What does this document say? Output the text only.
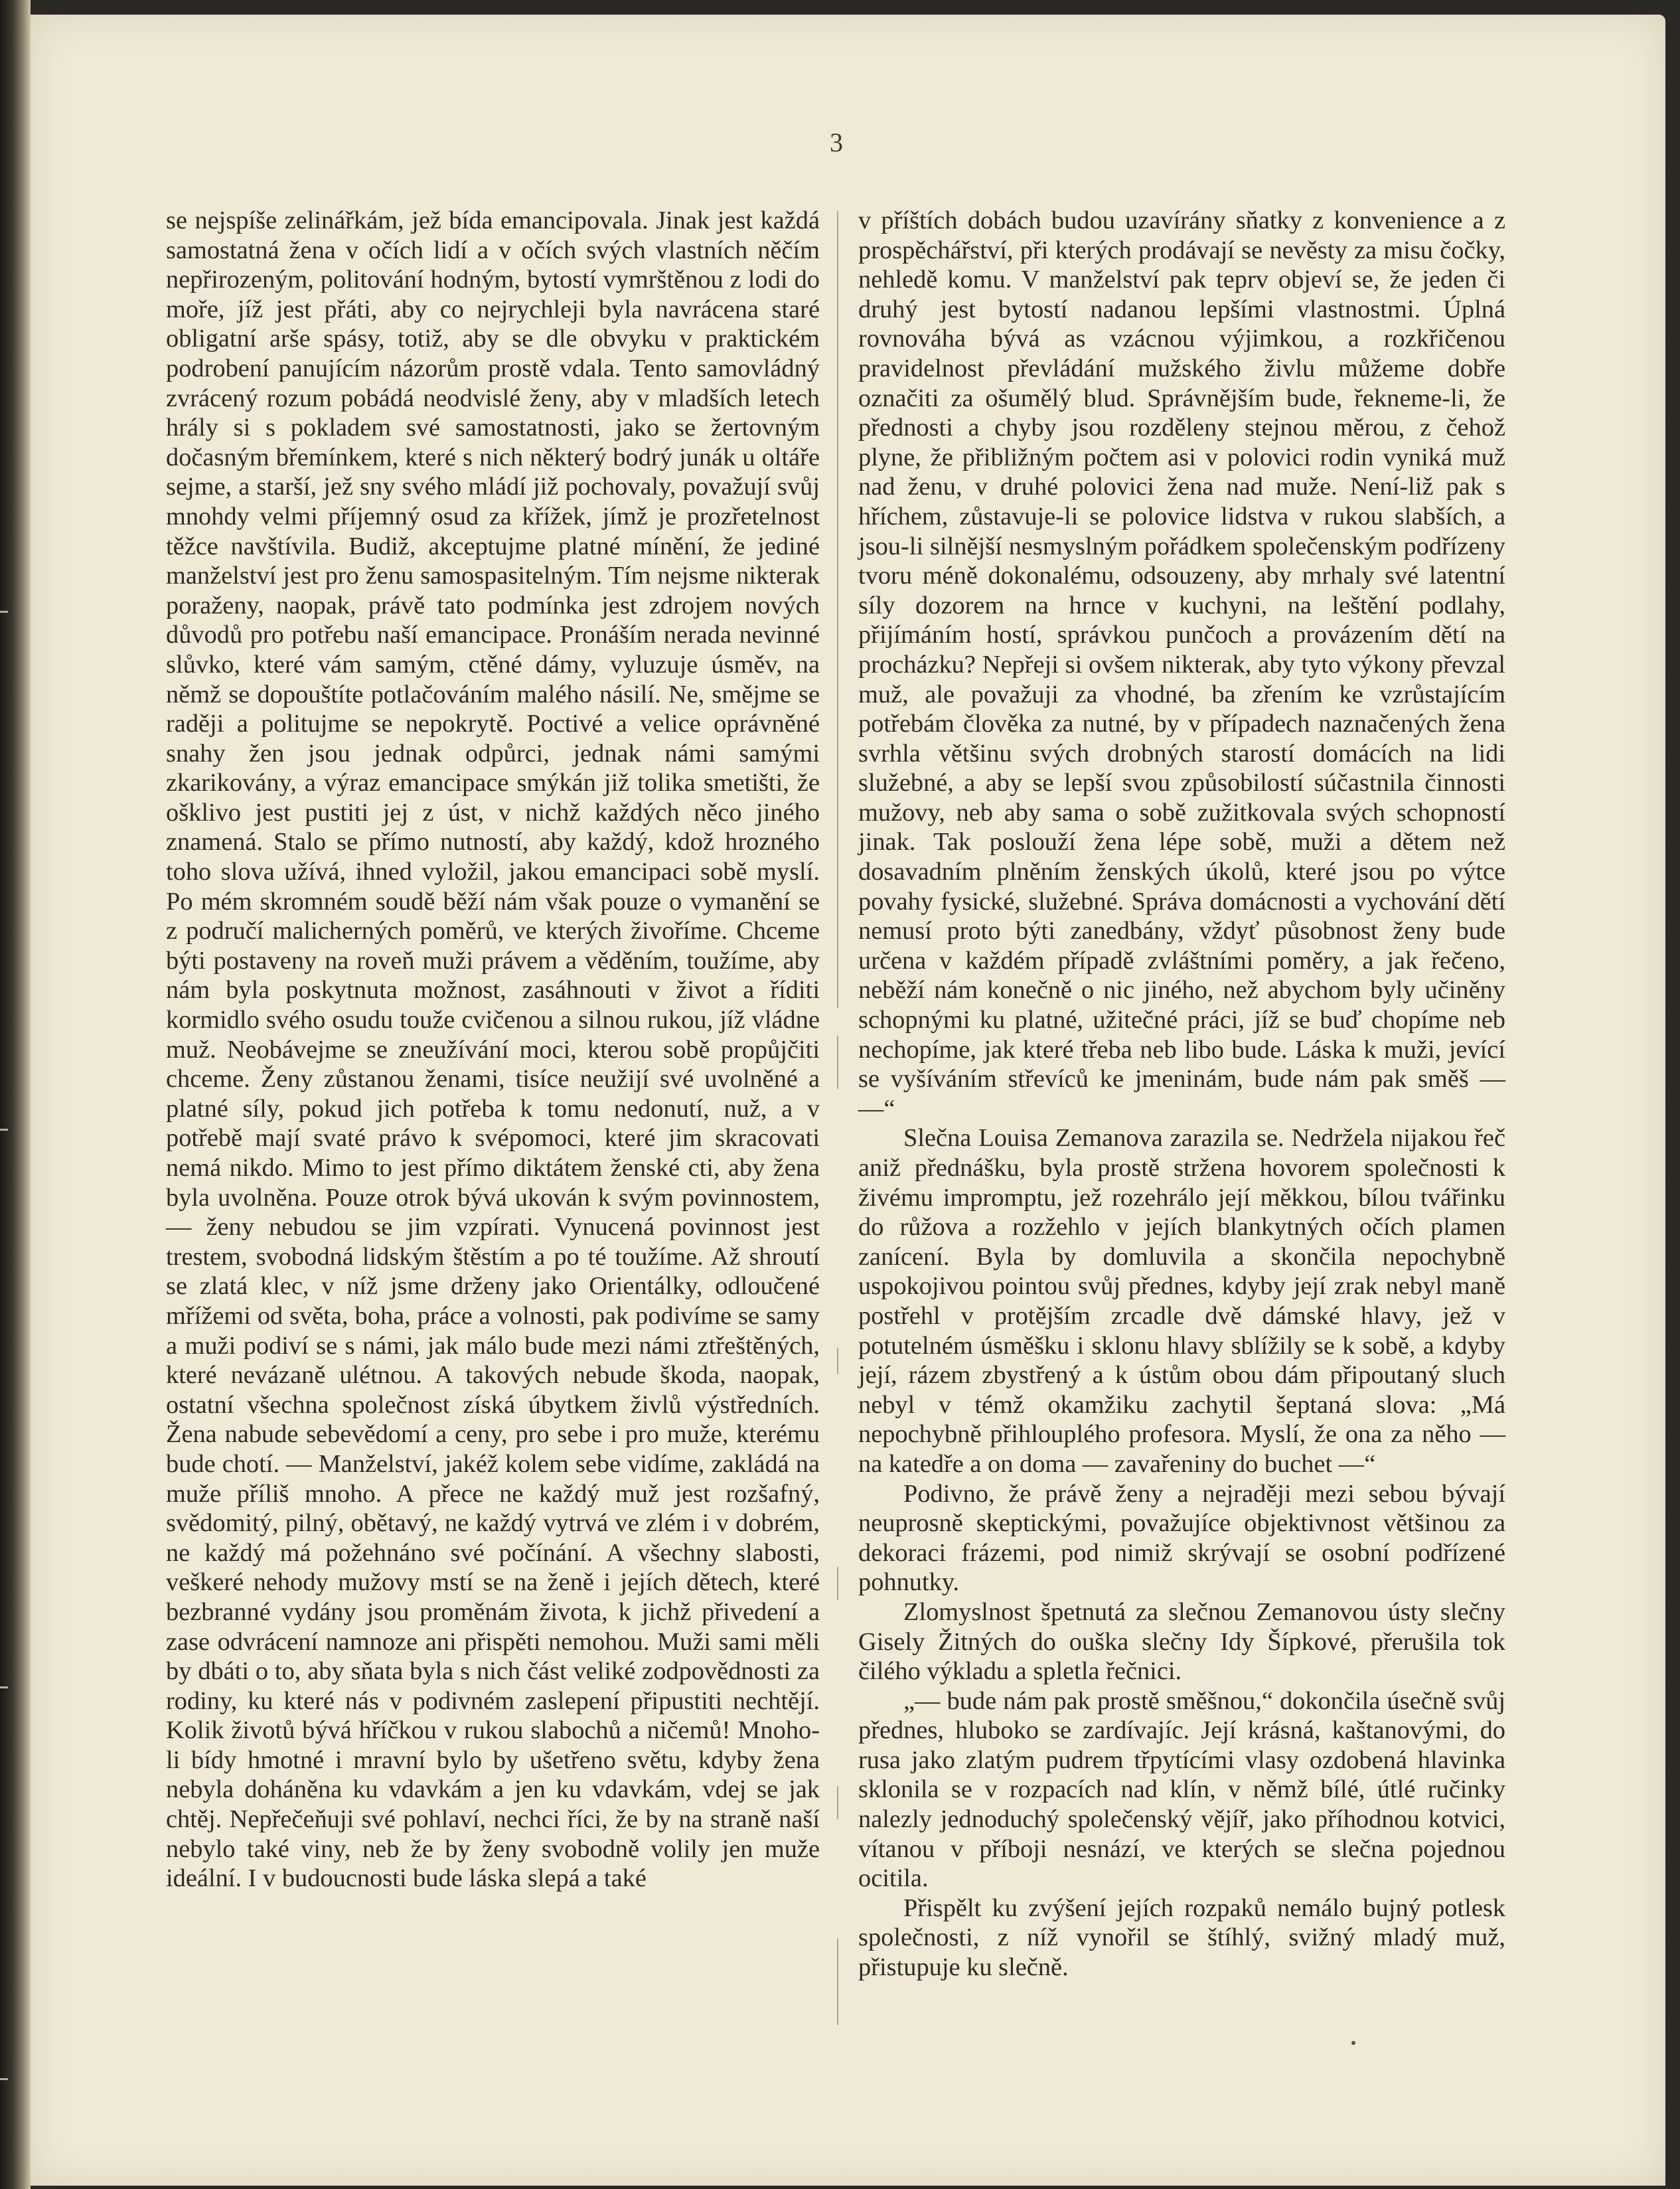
3

se nejspíše zelinářkám, jež bída emancipovala. Jinak jest každá samostatná žena v očích lidí a v očích svých vlastních něčím nepřirozeným, politování hodným, bytostí vymrštěnou z lodi do moře, jíž jest přáti, aby co nejrychleji byla navrácena staré obligatní arše spásy, totiž, aby se dle obvyku v praktickém podrobení panujícím názorům prostě vdala. Tento samovládný zvrácený rozum pobádá neodvislé ženy, aby v mladších letech hrály si s pokladem své samostatnosti, jako se žertovným dočasným břemínkem, které s nich některý bodrý junák u oltáře sejme, a starší, jež sny svého mládí již pochovaly, považují svůj mnohdy velmi příjemný osud za křížek, jímž je prozřetelnost těžce navštívila. Budiž, akceptujme platné mínění, že jediné manželství jest pro ženu samospasitelným. Tím nejsme nikterak poraženy, naopak, právě tato podmínka jest zdrojem nových důvodů pro potřebu naší emancipace. Pronáším nerada nevinné slůvko, které vám samým, ctěné dámy, vyluzuje úsměv, na němž se dopouštíte potlačováním malého násilí. Ne, smějme se raději a politujme se nepokrytě. Poctivé a velice oprávněné snahy žen jsou jednak odpůrci, jednak námi samými zkarikovány, a výraz emancipace smýkán již tolika smetišti, že ošklivo jest pustiti jej z úst, v nichž každých něco jiného znamená. Stalo se přímo nutností, aby každý, kdož hrozného toho slova užívá, ihned vyložil, jakou emancipaci sobě myslí. Po mém skromném soudě běží nám však pouze o vymanění se z područí malicherných poměrů, ve kterých živoříme. Chceme býti postaveny na roveň muži právem a věděním, toužíme, aby nám byla poskytnuta možnost, zasáhnouti v život a říditi kormidlo svého osudu touže cvičenou a silnou rukou, jíž vládne muž. Neobávejme se zneužívání moci, kterou sobě propůjčiti chceme. Ženy zůstanou ženami, tisíce neužijí své uvolněné a platné síly, pokud jich potřeba k tomu nedonutí, nuž, a v potřebě mají svaté právo k svépomoci, které jim skracovati nemá nikdo. Mimo to jest přímo diktátem ženské cti, aby žena byla uvolněna. Pouze otrok bývá ukován k svým povinnostem, — ženy nebudou se jim vzpírati. Vynucená povinnost jest trestem, svobodná lidským štěstím a po té toužíme. Až shroutí se zlatá klec, v níž jsme drženy jako Orientálky, odloučené mřížemi od světa, boha, práce a volnosti, pak podivíme se samy a muži podiví se s námi, jak málo bude mezi námi ztřeštěných, které nevázaně ulétnou. A takových nebude škoda, naopak, ostatní všechna společnost získá úbytkem živlů výstředních. Žena nabude sebevědomí a ceny, pro sebe i pro muže, kterému bude chotí. — Manželství, jakéž kolem sebe vidíme, zakládá na muže příliš mnoho. A přece ne každý muž jest rozšafný, svědomitý, pilný, obětavý, ne každý vytrvá ve zlém i v dobrém, ne každý má požehnáno své počínání. A všechny slabosti, veškeré nehody mužovy mstí se na ženě i jejích dětech, které bezbranné vydány jsou proměnám života, k jichž přivedení a zase odvrácení namnoze ani přispěti nemohou. Muži sami měli by dbáti o to, aby sňata byla s nich část veliké zodpovědnosti za rodiny, ku které nás v podivném zaslepení připustiti nechtějí. Kolik životů bývá hříčkou v rukou slabochů a ničemů! Mnoho-li bídy hmotné i mravní bylo by ušetřeno světu, kdyby žena nebyla doháněna ku vdavkám a jen ku vdavkám, vdej se jak chtěj. Nepřečeňuji své pohlaví, nechci říci, že by na straně naší nebylo také viny, neb že by ženy svobodně volily jen muže ideální. I v budoucnosti bude láska slepá a také

v příštích dobách budou uzavírány sňatky z konvenience a z prospěchářství, při kterých prodávají se nevěsty za misu čočky, nehledě komu. V manželství pak teprv objeví se, že jeden či druhý jest bytostí nadanou lepšími vlastnostmi. Úplná rovnováha bývá as vzácnou výjimkou, a rozkřičenou pravidelnost převládání mužského živlu můžeme dobře označiti za ošumělý blud. Správnějším bude, řekneme-li, že přednosti a chyby jsou rozděleny stejnou měrou, z čehož plyne, že přibližným počtem asi v polovici rodin vyniká muž nad ženu, v druhé polovici žena nad muže. Není-liž pak s hříchem, zůstavuje-li se polovice lidstva v rukou slabších, a jsou-li silnější nesmyslným pořádkem společenským podřízeny tvoru méně dokonalému, odsouzeny, aby mrhaly své latentní síly dozorem na hrnce v kuchyni, na leštění podlahy, přijímáním hostí, správkou punčoch a provázením dětí na procházku? Nepřeji si ovšem nikterak, aby tyto výkony převzal muž, ale považuji za vhodné, ba zřením ke vzrůstajícím potřebám člověka za nutné, by v případech naznačených žena svrhla většinu svých drobných starostí domácích na lidi služebné, a aby se lepší svou způsobilostí súčastnila činnosti mužovy, neb aby sama o sobě zužitkovala svých schopností jinak. Tak poslouží žena lépe sobě, muži a dětem než dosavadním plněním ženských úkolů, které jsou po výtce povahy fysické, služebné. Správa domácnosti a vychování dětí nemusí proto býti zanedbány, vždyť působnost ženy bude určena v každém případě zvláštními poměry, a jak řečeno, neběží nám konečně o nic jiného, než abychom byly učiněny schopnými ku platné, užitečné práci, jíž se buď chopíme neb nechopíme, jak které třeba neb libo bude. Láska k muži, jevící se vyšíváním střevíců ke jmeninám, bude nám pak směš — —“

Slečna Louisa Zemanova zarazila se. Nedržela nijakou řeč aniž přednášku, byla prostě stržena hovorem společnosti k živému impromptu, jež rozehrálo její měkkou, bílou tvářinku do růžova a rozžehlo v jejích blankytných očích plamen zanícení. Byla by domluvila a skončila nepochybně uspokojivou pointou svůj přednes, kdyby její zrak nebyl maně postřehl v protějším zrcadle dvě dámské hlavy, jež v potutelném úsměšku i sklonu hlavy sblížily se k sobě, a kdyby její, rázem zbystřený a k ústům obou dám připoutaný sluch nebyl v témž okamžiku zachytil šeptaná slova: „Má nepochybně přihlouplého profesora. Myslí, že ona za něho — na katedře a on doma — zavařeniny do buchet —“

Podivno, že právě ženy a nejraději mezi sebou bývají neuprosně skeptickými, považujíce objektivnost většinou za dekoraci frázemi, pod nimiž skrývají se osobní podřízené pohnutky.

Zlomyslnost špetnutá za slečnou Zemanovou ústy slečny Gisely Žitných do ouška slečny Idy Šípkové, přerušila tok čilého výkladu a spletla řečnici.

„— bude nám pak prostě směšnou,“ dokončila úsečně svůj přednes, hluboko se zardívajíc. Její krásná, kaštanovými, do rusa jako zlatým pudrem třpytícími vlasy ozdobená hlavinka sklonila se v rozpacích nad klín, v němž bílé, útlé ručinky nalezly jednoduchý společenský vějíř, jako příhodnou kotvici, vítanou v příboji nesnází, ve kterých se slečna pojednou ocitila.

Přispělt ku zvýšení jejích rozpaků nemálo bujný potlesk společnosti, z níž vynořil se štíhlý, svižný mladý muž, přistupuje ku slečně.
